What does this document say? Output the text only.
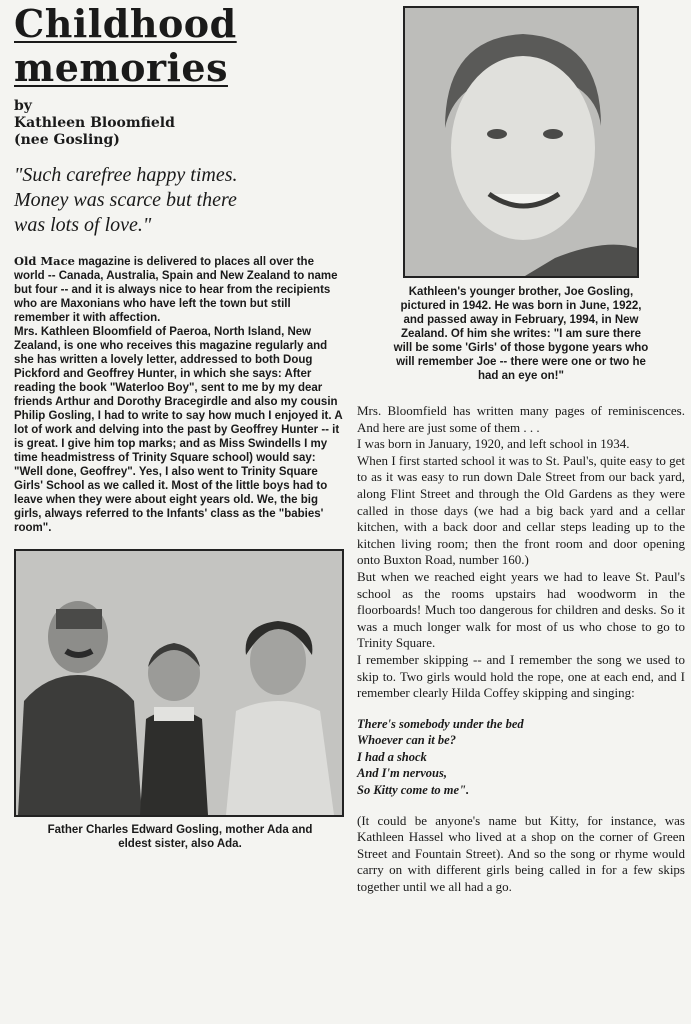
Childhood
memories
by
Kathleen Bloomfield
(nee Gosling)
"Such carefree happy times.
Money was scarce but there
was lots of love."

Old Mace magazine is delivered to places all over the world -- Canada, Australia, Spain and New Zealand to name but four -- and it is always nice to hear from the recipients who are Maxonians who have left the town but still remember it with affection.

Mrs. Kathleen Bloomfield of Paeroa, North Island, New Zealand, is one who receives this magazine regularly and she has written a lovely letter, addressed to both Doug Pickford and Geoffrey Hunter, in which she says: After reading the book "Waterloo Boy", sent to me by my dear friends Arthur and Dorothy Bracegirdle and also my cousin Philip Gosling, I had to write to say how much I enjoyed it. A lot of work and delving into the past by Geoffrey Hunter -- it is great. I give him top marks; and as Miss Swindells I my time headmistress of Trinity Square school) would say: "Well done, Geoffrey". Yes, I also went to Trinity Square Girls' School as we called it. Most of the little boys had to leave when they were about eight years old. We, the big girls, always referred to the Infants' class as the "babies' room".

Father Charles Edward Gosling, mother Ada and
eldest sister, also Ada.
Kathleen's younger brother, Joe Gosling,
pictured in 1942. He was born in June, 1922,
and passed away in February, 1994, in New
Zealand. Of him she writes: "I am sure there
will be some 'Girls' of those bygone years who
will remember Joe -- there were one or two he
had an eye on!"

Mrs. Bloomfield has written many pages of reminiscences. And here are just some of them . . .

I was born in January, 1920, and left school in 1934.

When I first started school it was to St. Paul's, quite easy to get to as it was easy to run down Dale Street from our back yard, along Flint Street and through the Old Gardens as they were called in those days (we had a big back yard and a cellar kitchen, with a back door and cellar steps leading up to the kitchen living room; then the front room and door opening onto Buxton Road, number 160.)

But when we reached eight years we had to leave St. Paul's school as the rooms upstairs had woodworm in the floorboards! Much too dangerous for children and desks. So it was a much longer walk for most of us who chose to go to Trinity Square.

I remember skipping -- and I remember the song we used to skip to. Two girls would hold the rope, one at each end, and I remember clearly Hilda Coffey skipping and singing:

There's somebody under the bed
Whoever can it be?
I had a shock
And I'm nervous,
So Kitty come to me".

(It could be anyone's name but Kitty, for instance, was Kathleen Hassel who lived at a shop on the corner of Green Street and Fountain Street). And so the song or rhyme would carry on with different girls being called in for a few skips together until we all had a go.
